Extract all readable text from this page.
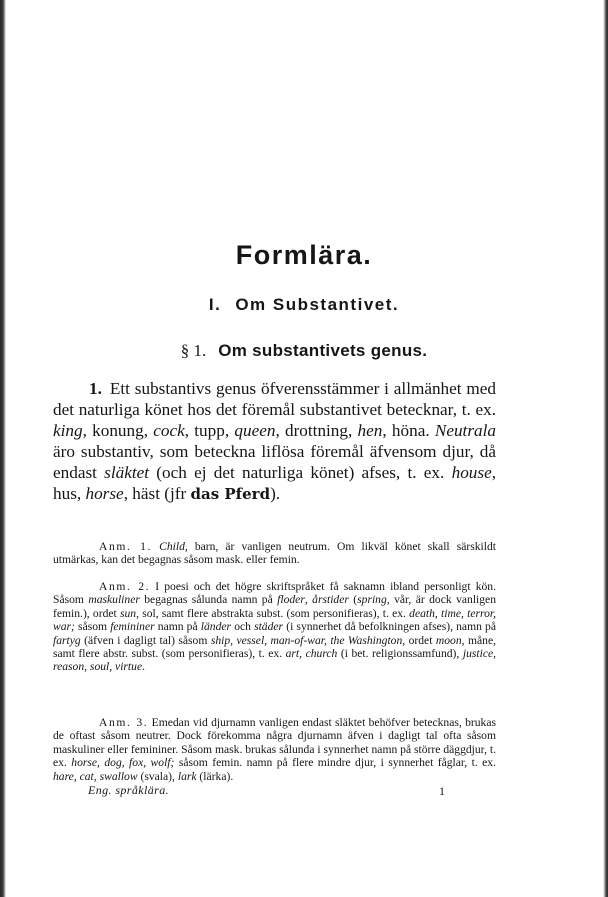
Formlära.
I. Om Substantivet.
§ 1. Om substantivets genus.

1. Ett substantivs genus öfverensstämmer i allmänhet med det naturliga könet hos det föremål substantivet betecknar, t. ex. king, konung, cock, tupp, queen, drottning, hen, höna. Neutrala äro substantiv, som beteckna liflösa föremål äfvensom djur, då endast släktet (och ej det naturliga könet) afses, t. ex. house, hus, horse, häst (jfr das Pferd).

Anm. 1. Child, barn, är vanligen neutrum. Om likväl könet skall särskildt utmärkas, kan det begagnas såsom mask. eller femin.

Anm. 2. I poesi och det högre skriftspråket få saknamn ibland personligt kön. Såsom maskuliner begagnas sålunda namn på floder, årstider (spring, vår, är dock vanligen femin.), ordet sun, sol, samt flere abstrakta subst. (som personifieras), t. ex. death, time, terror, war; såsom femininer namn på länder och städer (i synnerhet då befolkningen afses), namn på fartyg (äfven i dagligt tal) såsom ship, vessel, man-of-war, the Washington, ordet moon, måne, samt flere abstr. subst. (som personifieras), t. ex. art, church (i bet. religionssamfund), justice, reason, soul, virtue.

Anm. 3. Emedan vid djurnamn vanligen endast släktet behöfver betecknas, brukas de oftast såsom neutrer. Dock förekomma några djurnamn äfven i dagligt tal ofta såsom maskuliner eller femininer. Såsom mask. brukas sålunda i synnerhet namn på större däggdjur, t. ex. horse, dog, fox, wolf; såsom femin. namn på flere mindre djur, i synnerhet fåglar, t. ex. hare, cat, swallow (svala), lark (lärka).

Eng. språklära.	1
